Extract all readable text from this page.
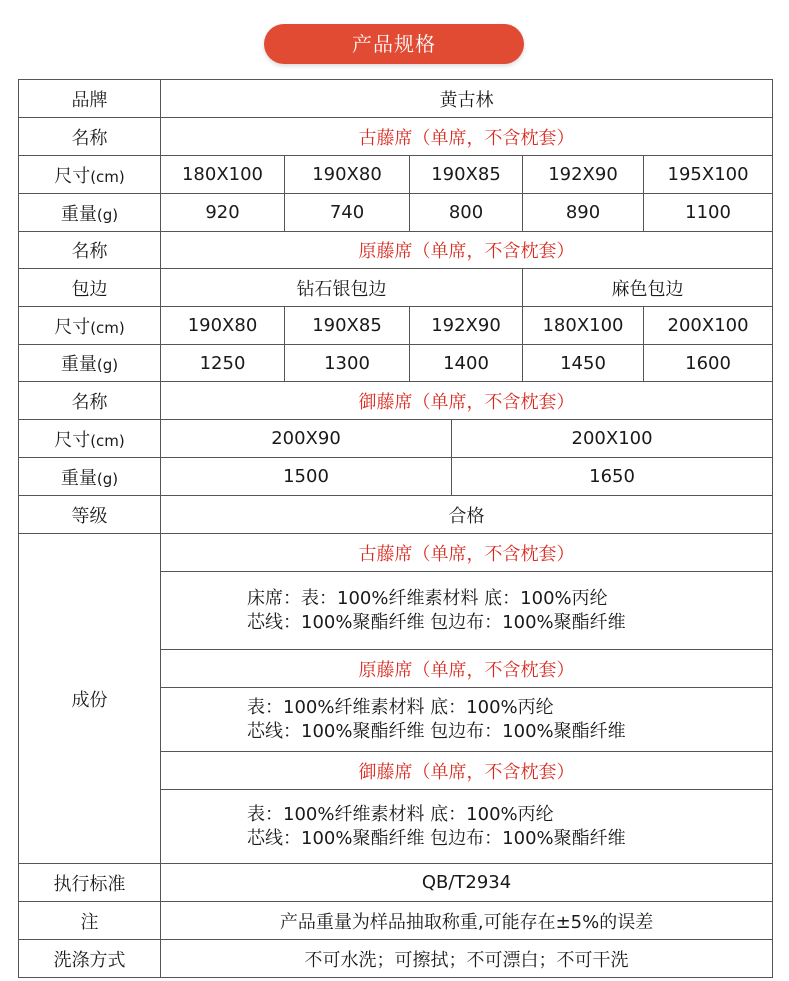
产品规格
品牌	黄古林					
名称	古藤席（单席，不含枕套）					
尺寸(cm)	180X100	190X80	190X85		192X90	195X100
重量(g)	920	740	800		890	1100
名称	原藤席（单席，不含枕套）					
包边	钻石银包边				麻色包边	
尺寸(cm)	190X80	190X85	192X90		180X100	200X100
重量(g)	1250	1300	1400		1450	1600
名称	御藤席（单席，不含枕套）					
尺寸(cm)	200X90			200X100		
重量(g)	1500			1650		
等级	合格					
成份	古藤席（单席，不含枕套）					

	床席：表：100%纤维素材料 底：100%丙纶
芯线：100%聚酯纤维 包边布：100%聚酯纤维					

	原藤席（单席，不含枕套）					

	表：100%纤维素材料 底：100%丙纶
芯线：100%聚酯纤维 包边布：100%聚酯纤维					

	御藤席（单席，不含枕套）					

	表：100%纤维素材料 底：100%丙纶
芯线：100%聚酯纤维 包边布：100%聚酯纤维					

执行标准	QB/T2934					
注	产品重量为样品抽取称重,可能存在±5%的误差					
洗涤方式	不可水洗；可擦拭；不可漂白；不可干洗					
